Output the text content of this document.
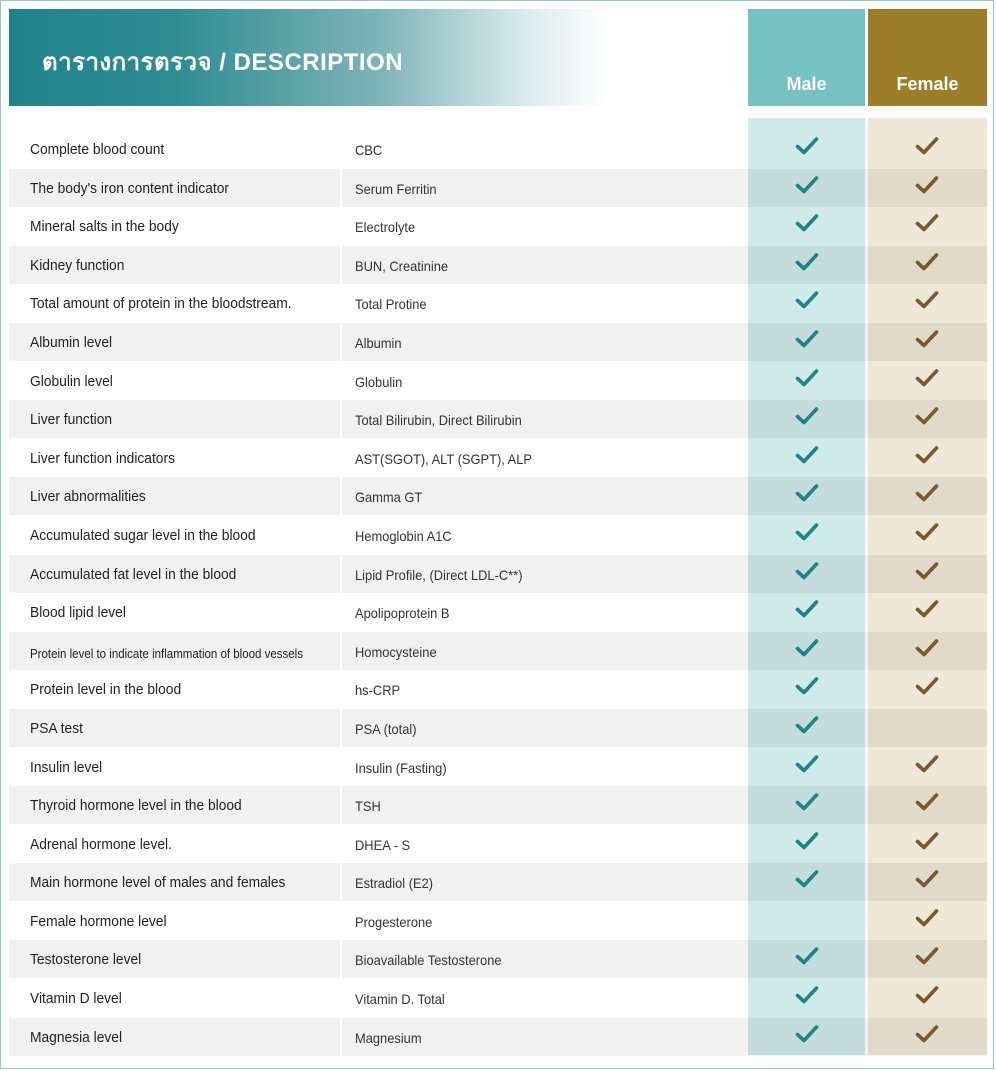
ตารางการตรวจ / DESCRIPTION
Male	Female
Complete blood count	CBC
The body's iron content indicator	Serum Ferritin
Mineral salts in the body	Electrolyte
Kidney function	BUN, Creatinine
Total amount of protein in the bloodstream.	Total Protine
Albumin level	Albumin
Globulin level	Globulin
Liver function	Total Bilirubin, Direct Bilirubin
Liver function indicators	AST(SGOT), ALT (SGPT), ALP
Liver abnormalities	Gamma GT
Accumulated sugar level in the blood	Hemoglobin A1C
Accumulated fat level in the blood	Lipid Profile, (Direct LDL-C**)
Blood lipid level	Apolipoprotein B
Protein level to indicate inflammation of blood vessels	Homocysteine
Protein level in the blood	hs-CRP
PSA test	PSA (total)
Insulin level	Insulin (Fasting)
Thyroid hormone level in the blood	TSH
Adrenal hormone level.	DHEA - S
Main hormone level of males and females	Estradiol (E2)
Female hormone level	Progesterone
Testosterone level	Bioavailable Testosterone
Vitamin D level	Vitamin D. Total
Magnesia level	Magnesium
